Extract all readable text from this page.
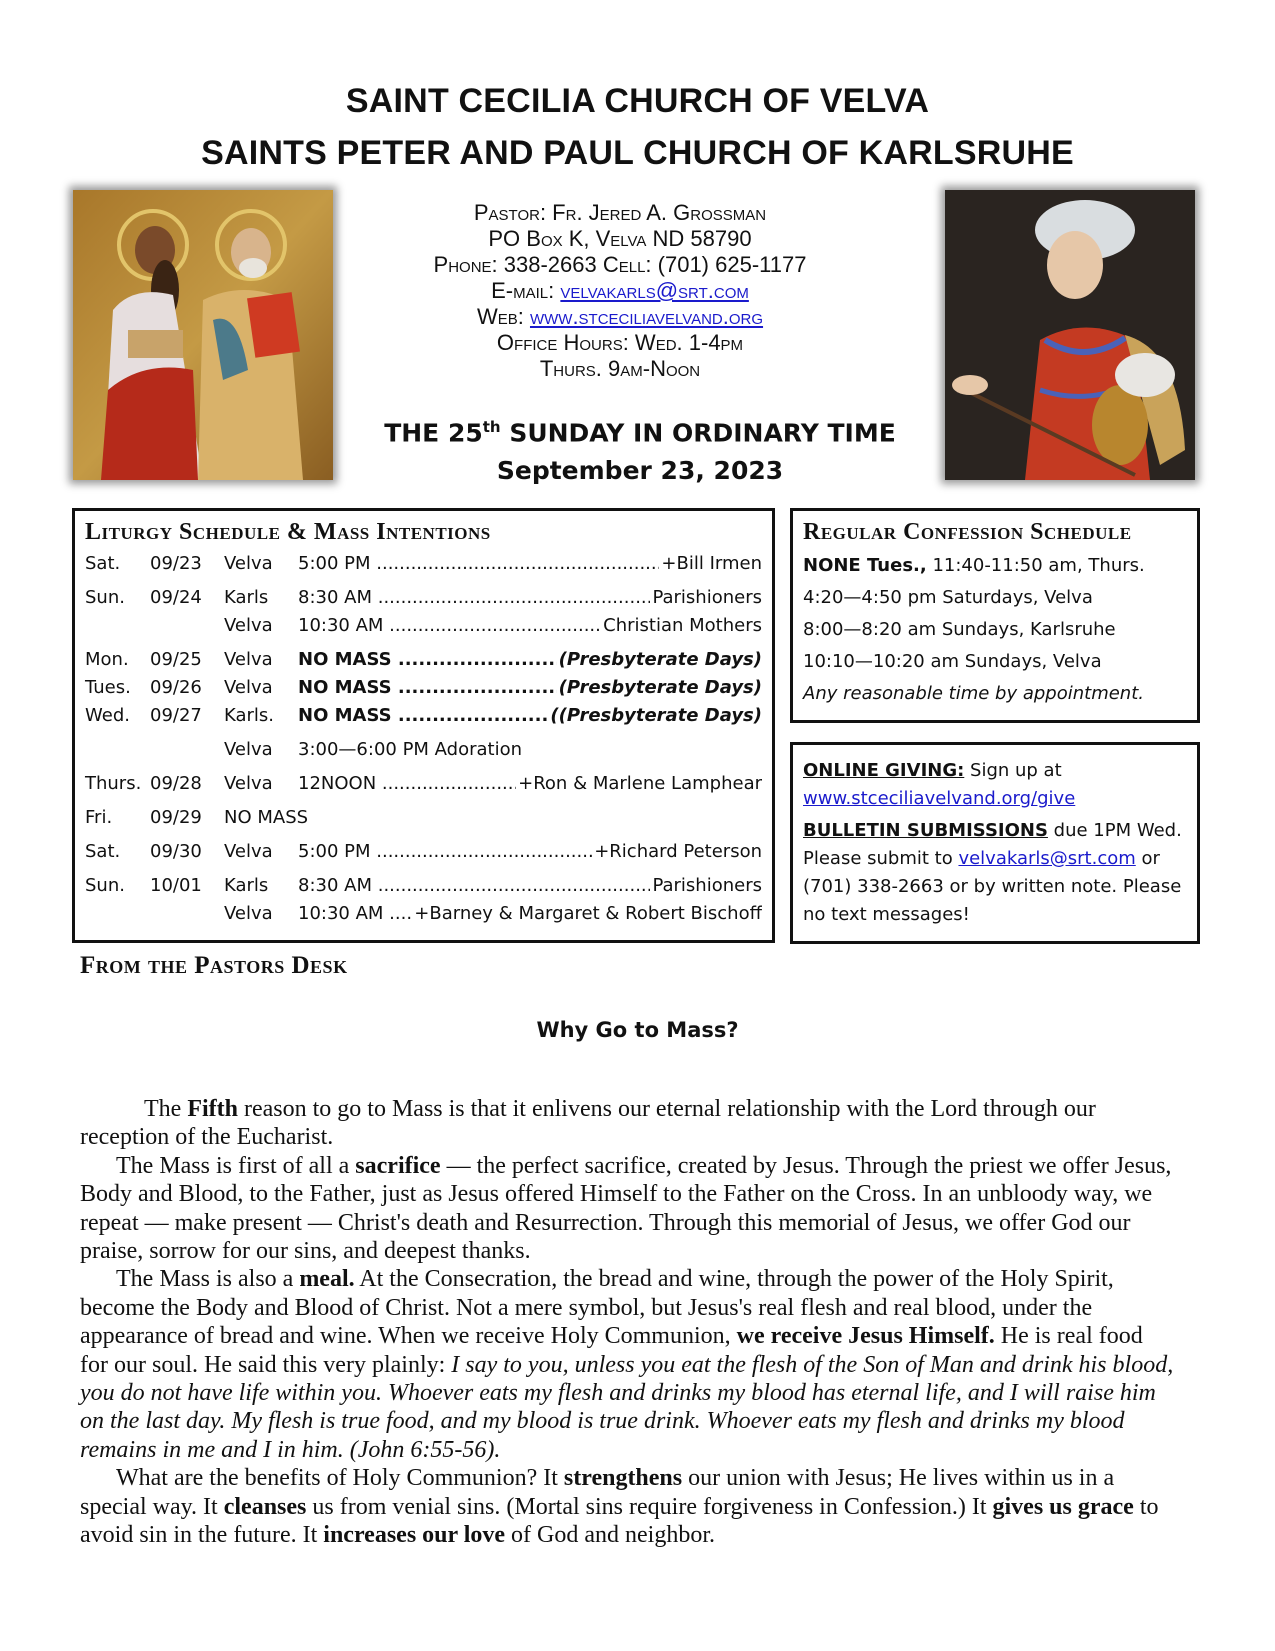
SAINT CECILIA CHURCH OF VELVA
SAINTS PETER AND PAUL CHURCH OF KARLSRUHE
Pastor: Fr. Jered A. Grossman
PO Box K, Velva ND 58790
Phone: 338-2663 Cell: (701) 625-1177
E-mail: velvakarls@srt.com
Web: www.stceciliavelvand.org
Office Hours: Wed. 1-4pm
Thurs. 9am-Noon
THE 25th SUNDAY IN ORDINARY TIME
September 23, 2023
Liturgy Schedule & Mass Intentions
Sat.	09/23	Velva	5:00 PM .....	+Bill Irmen
Sun.	09/24	Karls	8:30 AM .....	Parishioners
Velva	10:30 AM .....	Christian Mothers
Mon.	09/25	Velva	NO MASS .....	(Presbyterate Days)
Tues.	09/26	Velva	NO MASS .....	(Presbyterate Days)
Wed.	09/27	Karls.	NO MASS .....	((Presbyterate Days)
Velva	3:00—6:00 PM Adoration
Thurs. 09/28	Velva	12NOON .....	+Ron & Marlene Lamphear
Fri.	09/29	NO MASS
Sat.	09/30	Velva	5:00 PM .....	+Richard Peterson
Sun.	10/01	Karls	8:30 AM .....	Parishioners
Velva	10:30 AM .....	+Barney & Margaret & Robert Bischoff
Regular Confession Schedule
NONE Tues., 11:40-11:50 am, Thurs.
4:20—4:50 pm Saturdays, Velva
8:00—8:20 am Sundays, Karlsruhe
10:10—10:20 am Sundays, Velva
Any reasonable time by appointment.
ONLINE GIVING: Sign up at
www.stceciliavelvand.org/give
BULLETIN SUBMISSIONS due 1PM Wed.
Please submit to velvakarls@srt.com or (701) 338-2663 or by written note. Please no text messages!
From the Pastors Desk
Why Go to Mass?

The Fifth reason to go to Mass is that it enlivens our eternal relationship with the Lord through our reception of the Eucharist.

The Mass is first of all a sacrifice — the perfect sacrifice, created by Jesus. Through the priest we offer Jesus, Body and Blood, to the Father, just as Jesus offered Himself to the Father on the Cross. In an unbloody way, we repeat — make present — Christ's death and Resurrection. Through this memorial of Jesus, we offer God our praise, sorrow for our sins, and deepest thanks.

The Mass is also a meal. At the Consecration, the bread and wine, through the power of the Holy Spirit, become the Body and Blood of Christ. Not a mere symbol, but Jesus's real flesh and real blood, under the appearance of bread and wine. When we receive Holy Communion, we receive Jesus Himself. He is real food for our soul. He said this very plainly: I say to you, unless you eat the flesh of the Son of Man and drink his blood, you do not have life within you. Whoever eats my flesh and drinks my blood has eternal life, and I will raise him on the last day. My flesh is true food, and my blood is true drink. Whoever eats my flesh and drinks my blood remains in me and I in him. (John 6:55-56).

What are the benefits of Holy Communion? It strengthens our union with Jesus; He lives within us in a special way. It cleanses us from venial sins. (Mortal sins require forgiveness in Confession.) It gives us grace to avoid sin in the future. It increases our love of God and neighbor.
